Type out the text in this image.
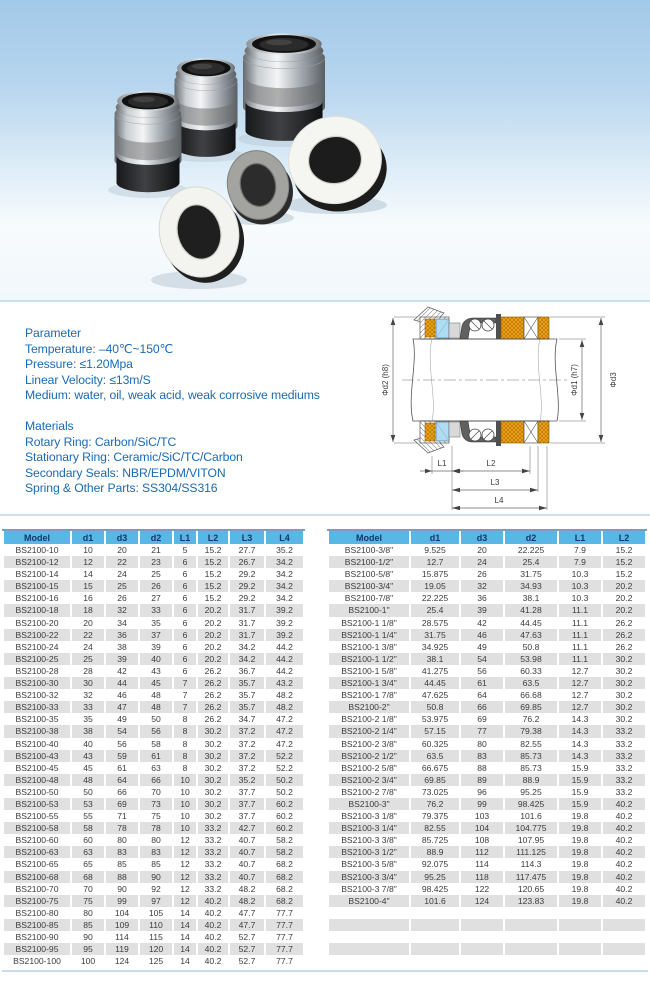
Parameter
Temperature: –40℃~150℃
Pressure: ≤1.20Mpa
Linear Velocity: ≤13m/S
Medium: water, oil, weak acid, weak corrosive mediums
Materials
Rotary Ring: Carbon/SiC/TC
Stationary Ring: Ceramic/SiC/TC/Carbon
Secondary Seals: NBR/EPDM/VITON
Spring & Other Parts: SS304/SS316
Φd2 (h8)	Φd1 (h7)	Φd3
L1	L2
L3
L4
Model	d1	d3	d2	L1	L2	L3	L4
BS2100-10	10	20	21	5	15.2	27.7	35.2
BS2100-12	12	22	23	6	15.2	26.7	34.2
BS2100-14	14	24	25	6	15.2	29.2	34.2
BS2100-15	15	25	26	6	15.2	29.2	34.2
BS2100-16	16	26	27	6	15.2	29.2	34.2
BS2100-18	18	32	33	6	20.2	31.7	39.2
BS2100-20	20	34	35	6	20.2	31.7	39.2
BS2100-22	22	36	37	6	20.2	31.7	39.2
BS2100-24	24	38	39	6	20.2	34.2	44.2
BS2100-25	25	39	40	6	20.2	34.2	44.2
BS2100-28	28	42	43	6	26.2	36.7	44.2
BS2100-30	30	44	45	7	26.2	35.7	43.2
BS2100-32	32	46	48	7	26.2	35.7	48.2
BS2100-33	33	47	48	7	26.2	35.7	48.2
BS2100-35	35	49	50	8	26.2	34.7	47.2
BS2100-38	38	54	56	8	30.2	37.2	47.2
BS2100-40	40	56	58	8	30.2	37.2	47.2
BS2100-43	43	59	61	8	30.2	37.2	52.2
BS2100-45	45	61	63	8	30.2	37.2	52.2
BS2100-48	48	64	66	10	30.2	35.2	50.2
BS2100-50	50	66	70	10	30.2	37.7	50.2
BS2100-53	53	69	73	10	30.2	37.7	60.2
BS2100-55	55	71	75	10	30.2	37.7	60.2
BS2100-58	58	78	78	10	33.2	42.7	60.2
BS2100-60	60	80	80	12	33.2	40.7	58.2
BS2100-63	63	83	83	12	33.2	40.7	58.2
BS2100-65	65	85	85	12	33.2	40.7	68.2
BS2100-68	68	88	90	12	33.2	40.7	68.2
BS2100-70	70	90	92	12	33.2	48.2	68.2
BS2100-75	75	99	97	12	40.2	48.2	68.2
BS2100-80	80	104	105	14	40.2	47.7	77.7
BS2100-85	85	109	110	14	40.2	47.7	77.7
BS2100-90	90	114	115	14	40.2	52.7	77.7
BS2100-95	95	119	120	14	40.2	52.7	77.7
BS2100-100	100	124	125	14	40.2	52.7	77.7
Model	d1	d3	d2	L1	L2
BS2100-3/8"	9.525	20	22.225	7.9	15.2
BS2100-1/2"	12.7	24	25.4	7.9	15.2
BS2100-5/8"	15.875	26	31.75	10.3	15.2
BS2100-3/4"	19.05	32	34.93	10.3	20.2
BS2100-7/8"	22.225	36	38.1	10.3	20.2
BS2100-1"	25.4	39	41.28	11.1	20.2
BS2100-1 1/8"	28.575	42	44.45	11.1	26.2
BS2100-1 1/4"	31.75	46	47.63	11.1	26.2
BS2100-1 3/8"	34.925	49	50.8	11.1	26.2
BS2100-1 1/2"	38.1	54	53.98	11.1	30.2
BS2100-1 5/8"	41.275	56	60.33	12.7	30.2
BS2100-1 3/4"	44.45	61	63.5	12.7	30.2
BS2100-1 7/8"	47.625	64	66.68	12.7	30.2
BS2100-2"	50.8	66	69.85	12.7	30.2
BS2100-2 1/8"	53.975	69	76.2	14.3	30.2
BS2100-2 1/4"	57.15	77	79.38	14.3	33.2
BS2100-2 3/8"	60.325	80	82.55	14.3	33.2
BS2100-2 1/2"	63.5	83	85.73	14.3	33.2
BS2100-2 5/8"	66.675	88	85.73	15.9	33.2
BS2100-2 3/4"	69.85	89	88.9	15.9	33.2
BS2100-2 7/8"	73.025	96	95.25	15.9	33.2
BS2100-3"	76.2	99	98.425	15.9	40.2
BS2100-3 1/8"	79.375	103	101.6	19.8	40.2
BS2100-3 1/4"	82.55	104	104.775	19.8	40.2
BS2100-3 3/8"	85.725	108	107.95	19.8	40.2
BS2100-3 1/2"	88.9	112	111.125	19.8	40.2
BS2100-3 5/8"	92.075	114	114.3	19.8	40.2
BS2100-3 3/4"	95.25	118	117.475	19.8	40.2
BS2100-3 7/8"	98.425	122	120.65	19.8	40.2
BS2100-4"	101.6	124	123.83	19.8	40.2
